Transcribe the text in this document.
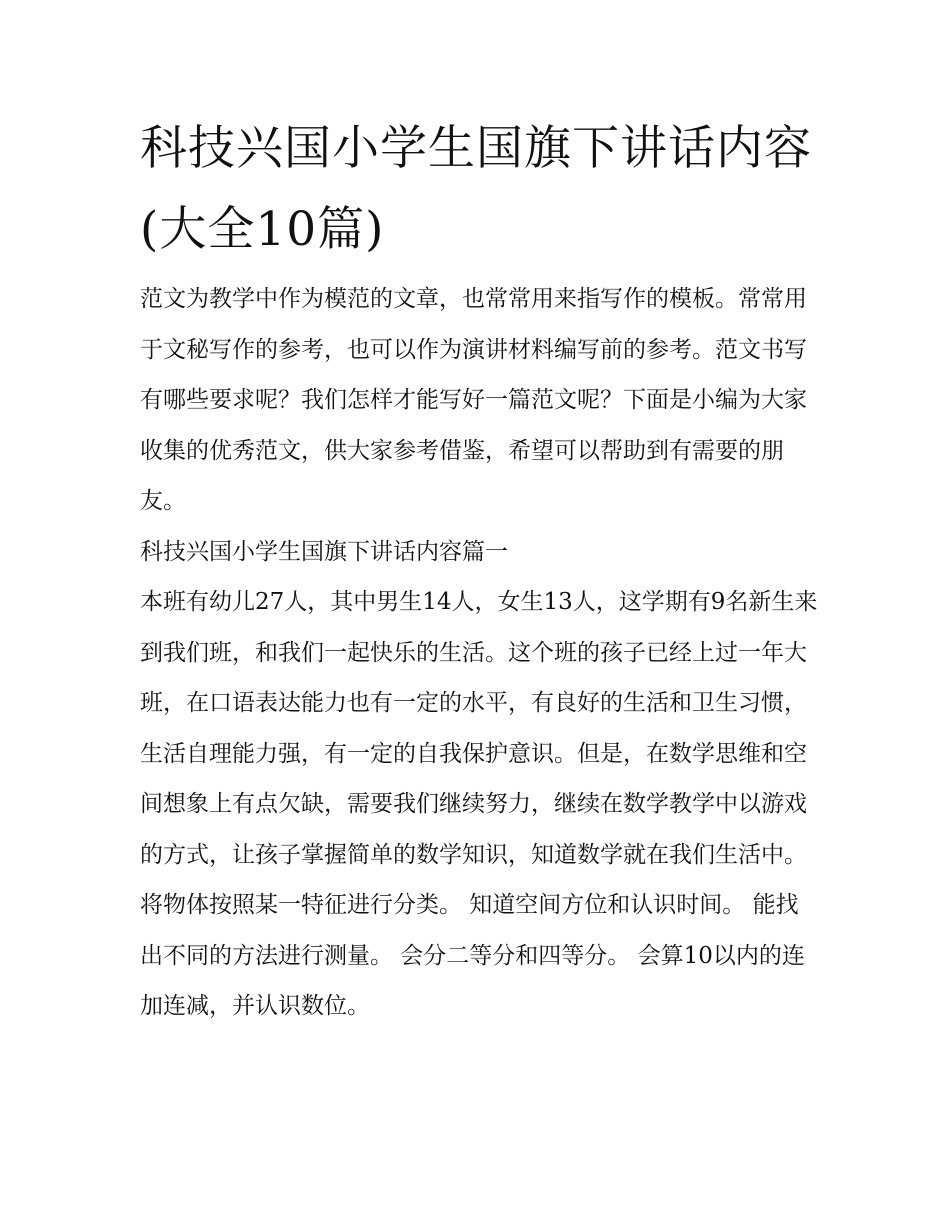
科技兴国小学生国旗下讲话内容(大全10篇)

范文为教学中作为模范的文章，也常常用来指写作的模板。常常用于文秘写作的参考，也可以作为演讲材料编写前的参考。范文书写有哪些要求呢？我们怎样才能写好一篇范文呢？下面是小编为大家收集的优秀范文，供大家参考借鉴，希望可以帮助到有需要的朋友。

科技兴国小学生国旗下讲话内容篇一

本班有幼儿27人，其中男生14人，女生13人，这学期有9名新生来到我们班，和我们一起快乐的生活。这个班的孩子已经上过一年大班，在口语表达能力也有一定的水平，有良好的生活和卫生习惯，生活自理能力强，有一定的自我保护意识。但是，在数学思维和空间想象上有点欠缺，需要我们继续努力，继续在数学教学中以游戏的方式，让孩子掌握简单的数学知识，知道数学就在我们生活中。

将物体按照某一特征进行分类。 知道空间方位和认识时间。 能找出不同的方法进行测量。 会分二等分和四等分。 会算10以内的连加连减，并认识数位。
